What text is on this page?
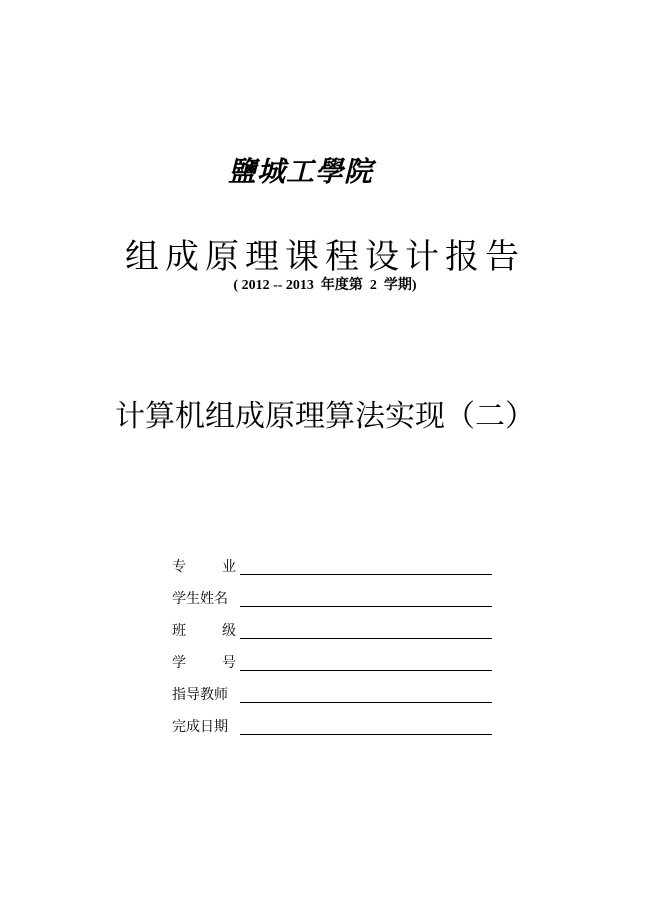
鹽城工學院
组成原理课程设计报告
( 2012 -- 2013  年度第  2  学期)
计算机组成原理算法实现（二）
专	业
学生姓名
班	级
学	号
指导教师
完成日期
